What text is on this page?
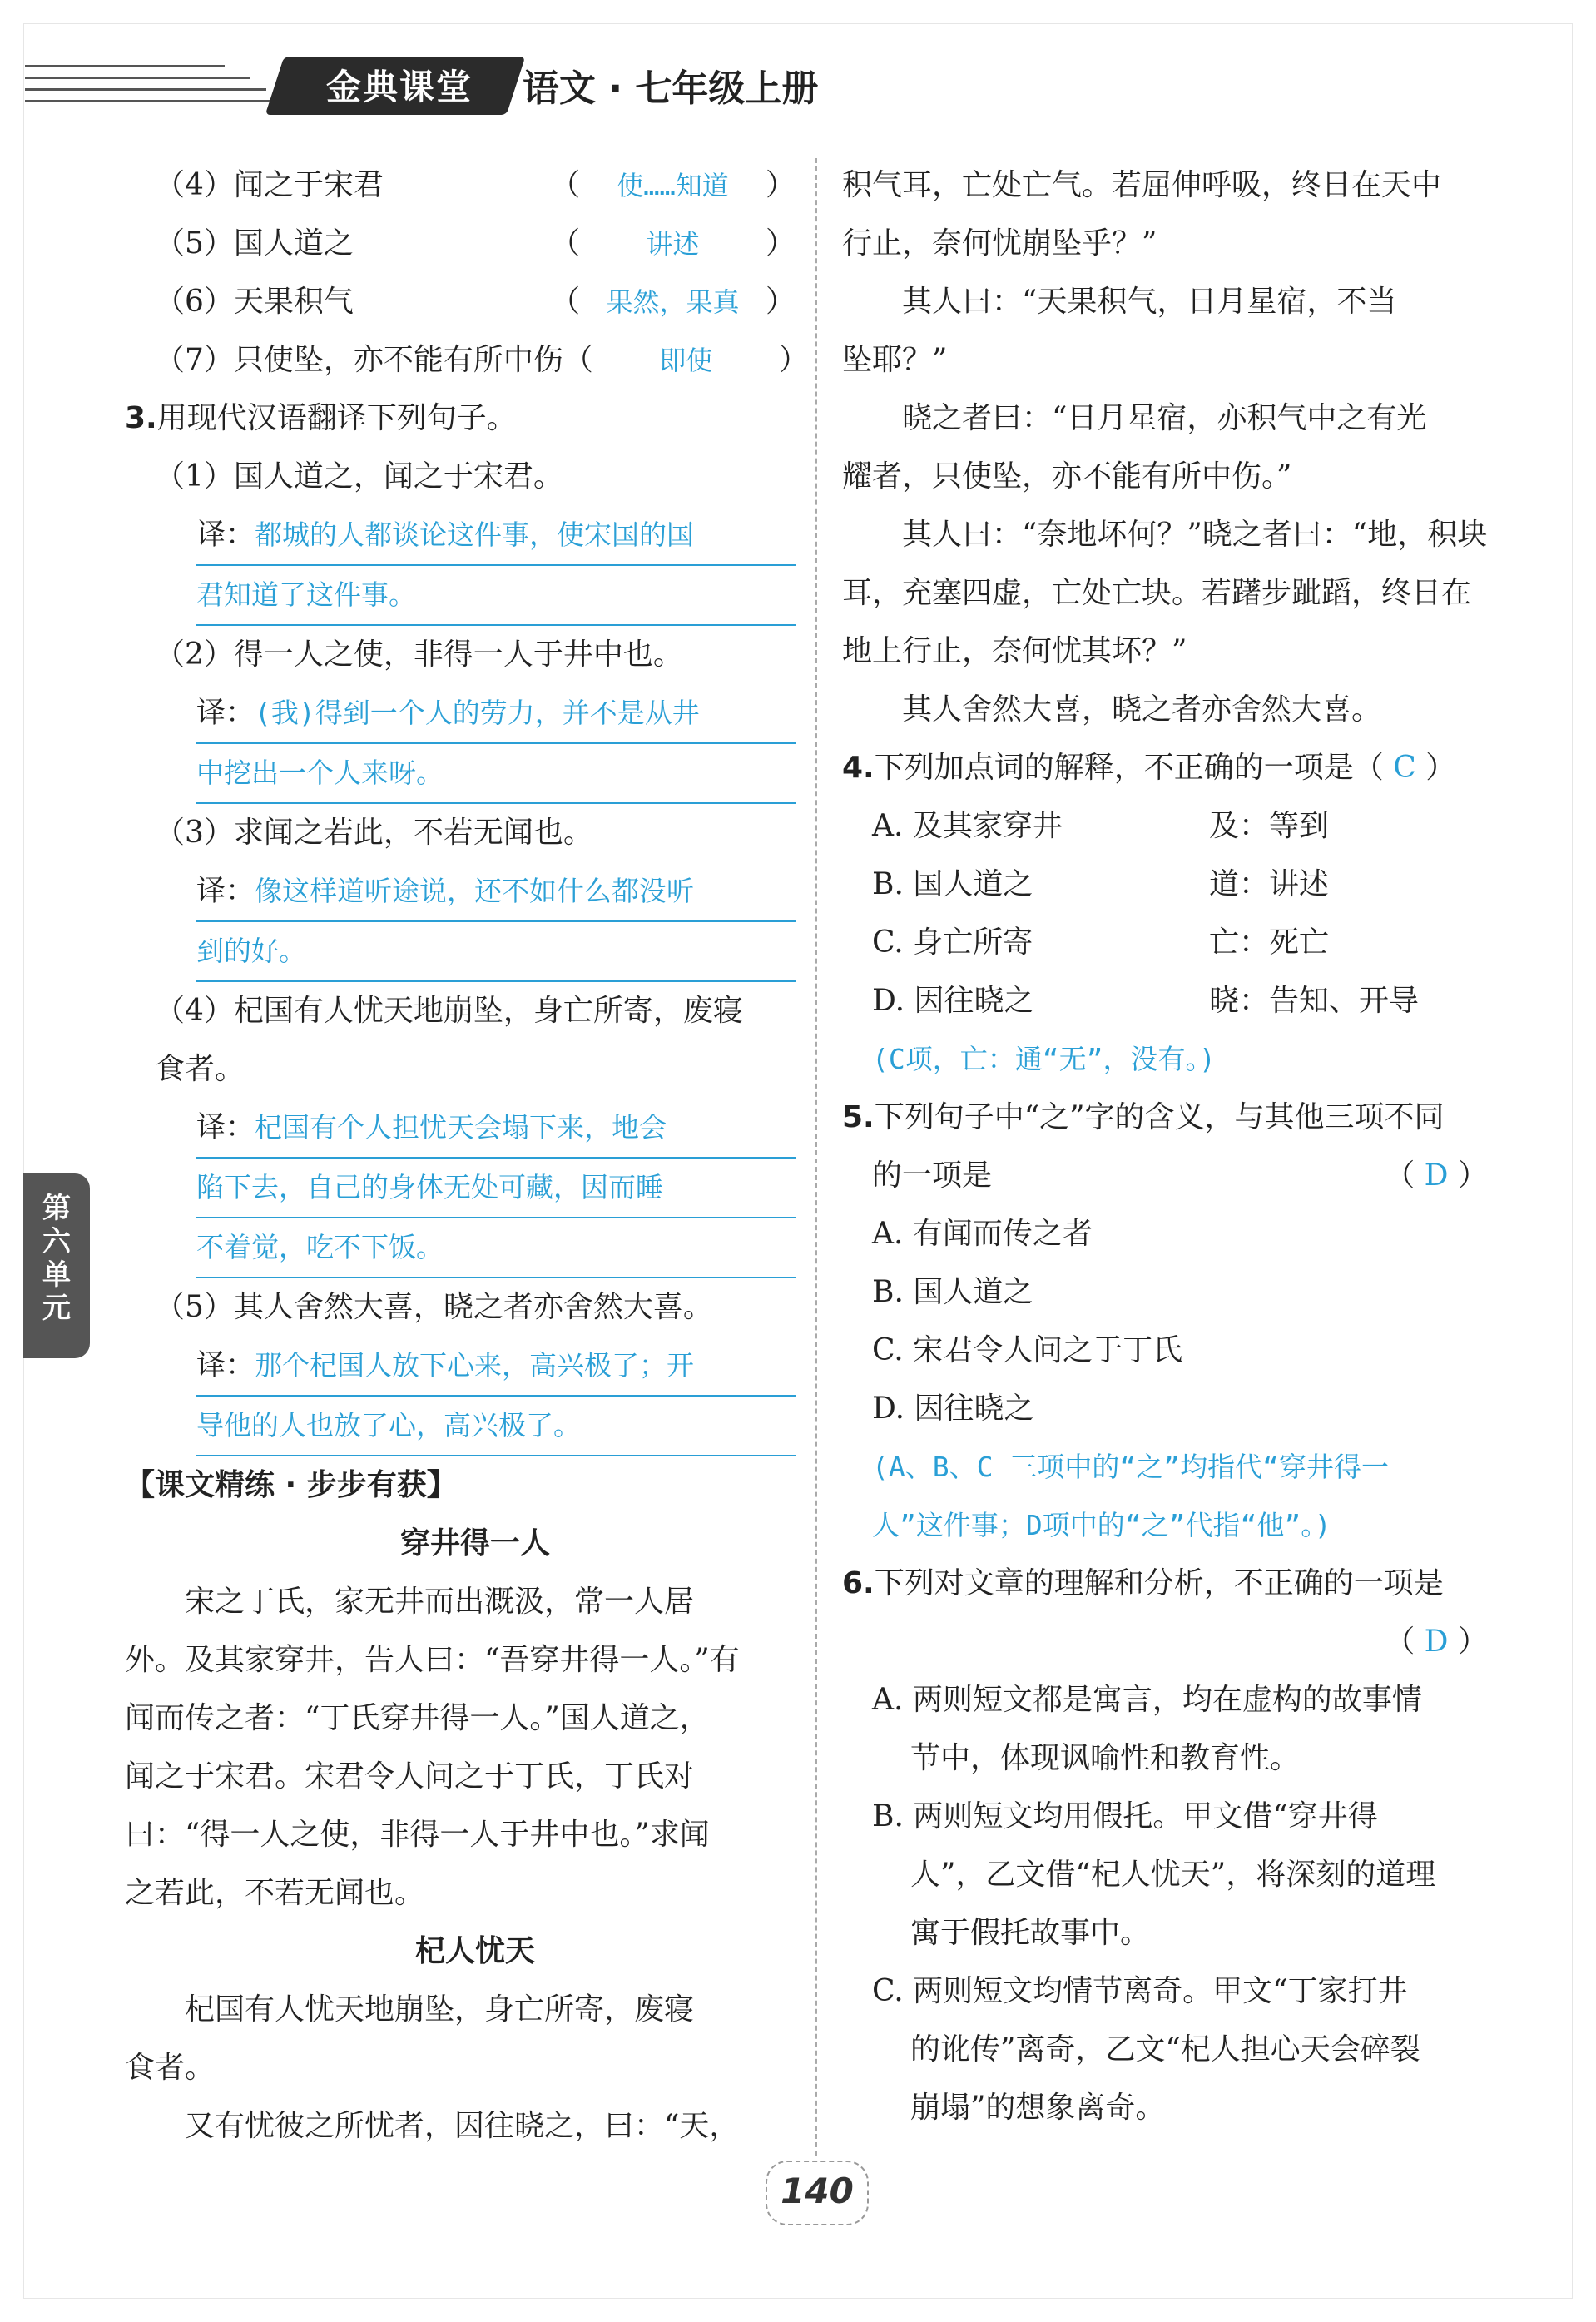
金典课堂	语文 · 七年级上册
第
六
单
元
（4）闻之于宋君	（ 使……知道 ）
（5）国人道之	（ 讲述 ）
（6）天果积气	（ 果然，果真 ）
（7）只使坠，亦不能有所中伤 （ 即使 ）
3.用现代汉语翻译下列句子。
（1）国人道之，闻之于宋君。
译：都城的人都谈论这件事，使宋国的国
君知道了这件事。
（2）得一人之使，非得一人于井中也。
译：(我)得到一个人的劳力，并不是从井
中挖出一个人来呀。
（3）求闻之若此，不若无闻也。
译：像这样道听途说，还不如什么都没听
到的好。
（4）杞国有人忧天地崩坠，身亡所寄，废寝
食者。
译：杞国有个人担忧天会塌下来，地会
陷下去，自己的身体无处可藏，因而睡
不着觉，吃不下饭。
（5）其人舍然大喜，晓之者亦舍然大喜。
译：那个杞国人放下心来，高兴极了；开
导他的人也放了心，高兴极了。
【课文精练 · 步步有获】
穿井得一人
宋之丁氏，家无井而出溉汲，常一人居
外。及其家穿井，告人曰：“吾穿井得一人。”有
闻而传之者：“丁氏穿井得一人。”国人道之，
闻之于宋君。宋君令人问之于丁氏，丁氏对
曰：“得一人之使，非得一人于井中也。”求闻
之若此，不若无闻也。
杞人忧天
杞国有人忧天地崩坠，身亡所寄，废寝
食者。
又有忧彼之所忧者，因往晓之，曰：“天，
积气耳，亡处亡气。若屈伸呼吸，终日在天中
行止，奈何忧崩坠乎？”
其人曰：“天果积气，日月星宿，不当
坠耶？”
晓之者曰：“日月星宿，亦积气中之有光
耀者，只使坠，亦不能有所中伤。”
其人曰：“奈地坏何？”晓之者曰：“地，积块
耳，充塞四虚，亡处亡块。若躇步跐蹈，终日在
地上行止，奈何忧其坏？”
其人舍然大喜，晓之者亦舍然大喜。
4.下列加点词的解释，不正确的一项是（ C ）
A. 及其家穿井	及：等到
B. 国人道之	道：讲述
C. 身亡所寄	亡：死亡
D. 因往晓之	晓：告知、开导
(C项，亡：通“无”，没有。)
5.下列句子中“之”字的含义，与其他三项不同
的一项是	（ D ）
A. 有闻而传之者
B. 国人道之
C. 宋君令人问之于丁氏
D. 因往晓之
(A、B、C 三项中的“之”均指代“穿井得一
人”这件事；D项中的“之”代指“他”。)
6.下列对文章的理解和分析，不正确的一项是
（ D ）
A. 两则短文都是寓言，均在虚构的故事情
节中，体现讽喻性和教育性。
B. 两则短文均用假托。甲文借“穿井得
人”，乙文借“杞人忧天”，将深刻的道理
寓于假托故事中。
C. 两则短文均情节离奇。甲文“丁家打井
的讹传”离奇，乙文“杞人担心天会碎裂
崩塌”的想象离奇。
140
